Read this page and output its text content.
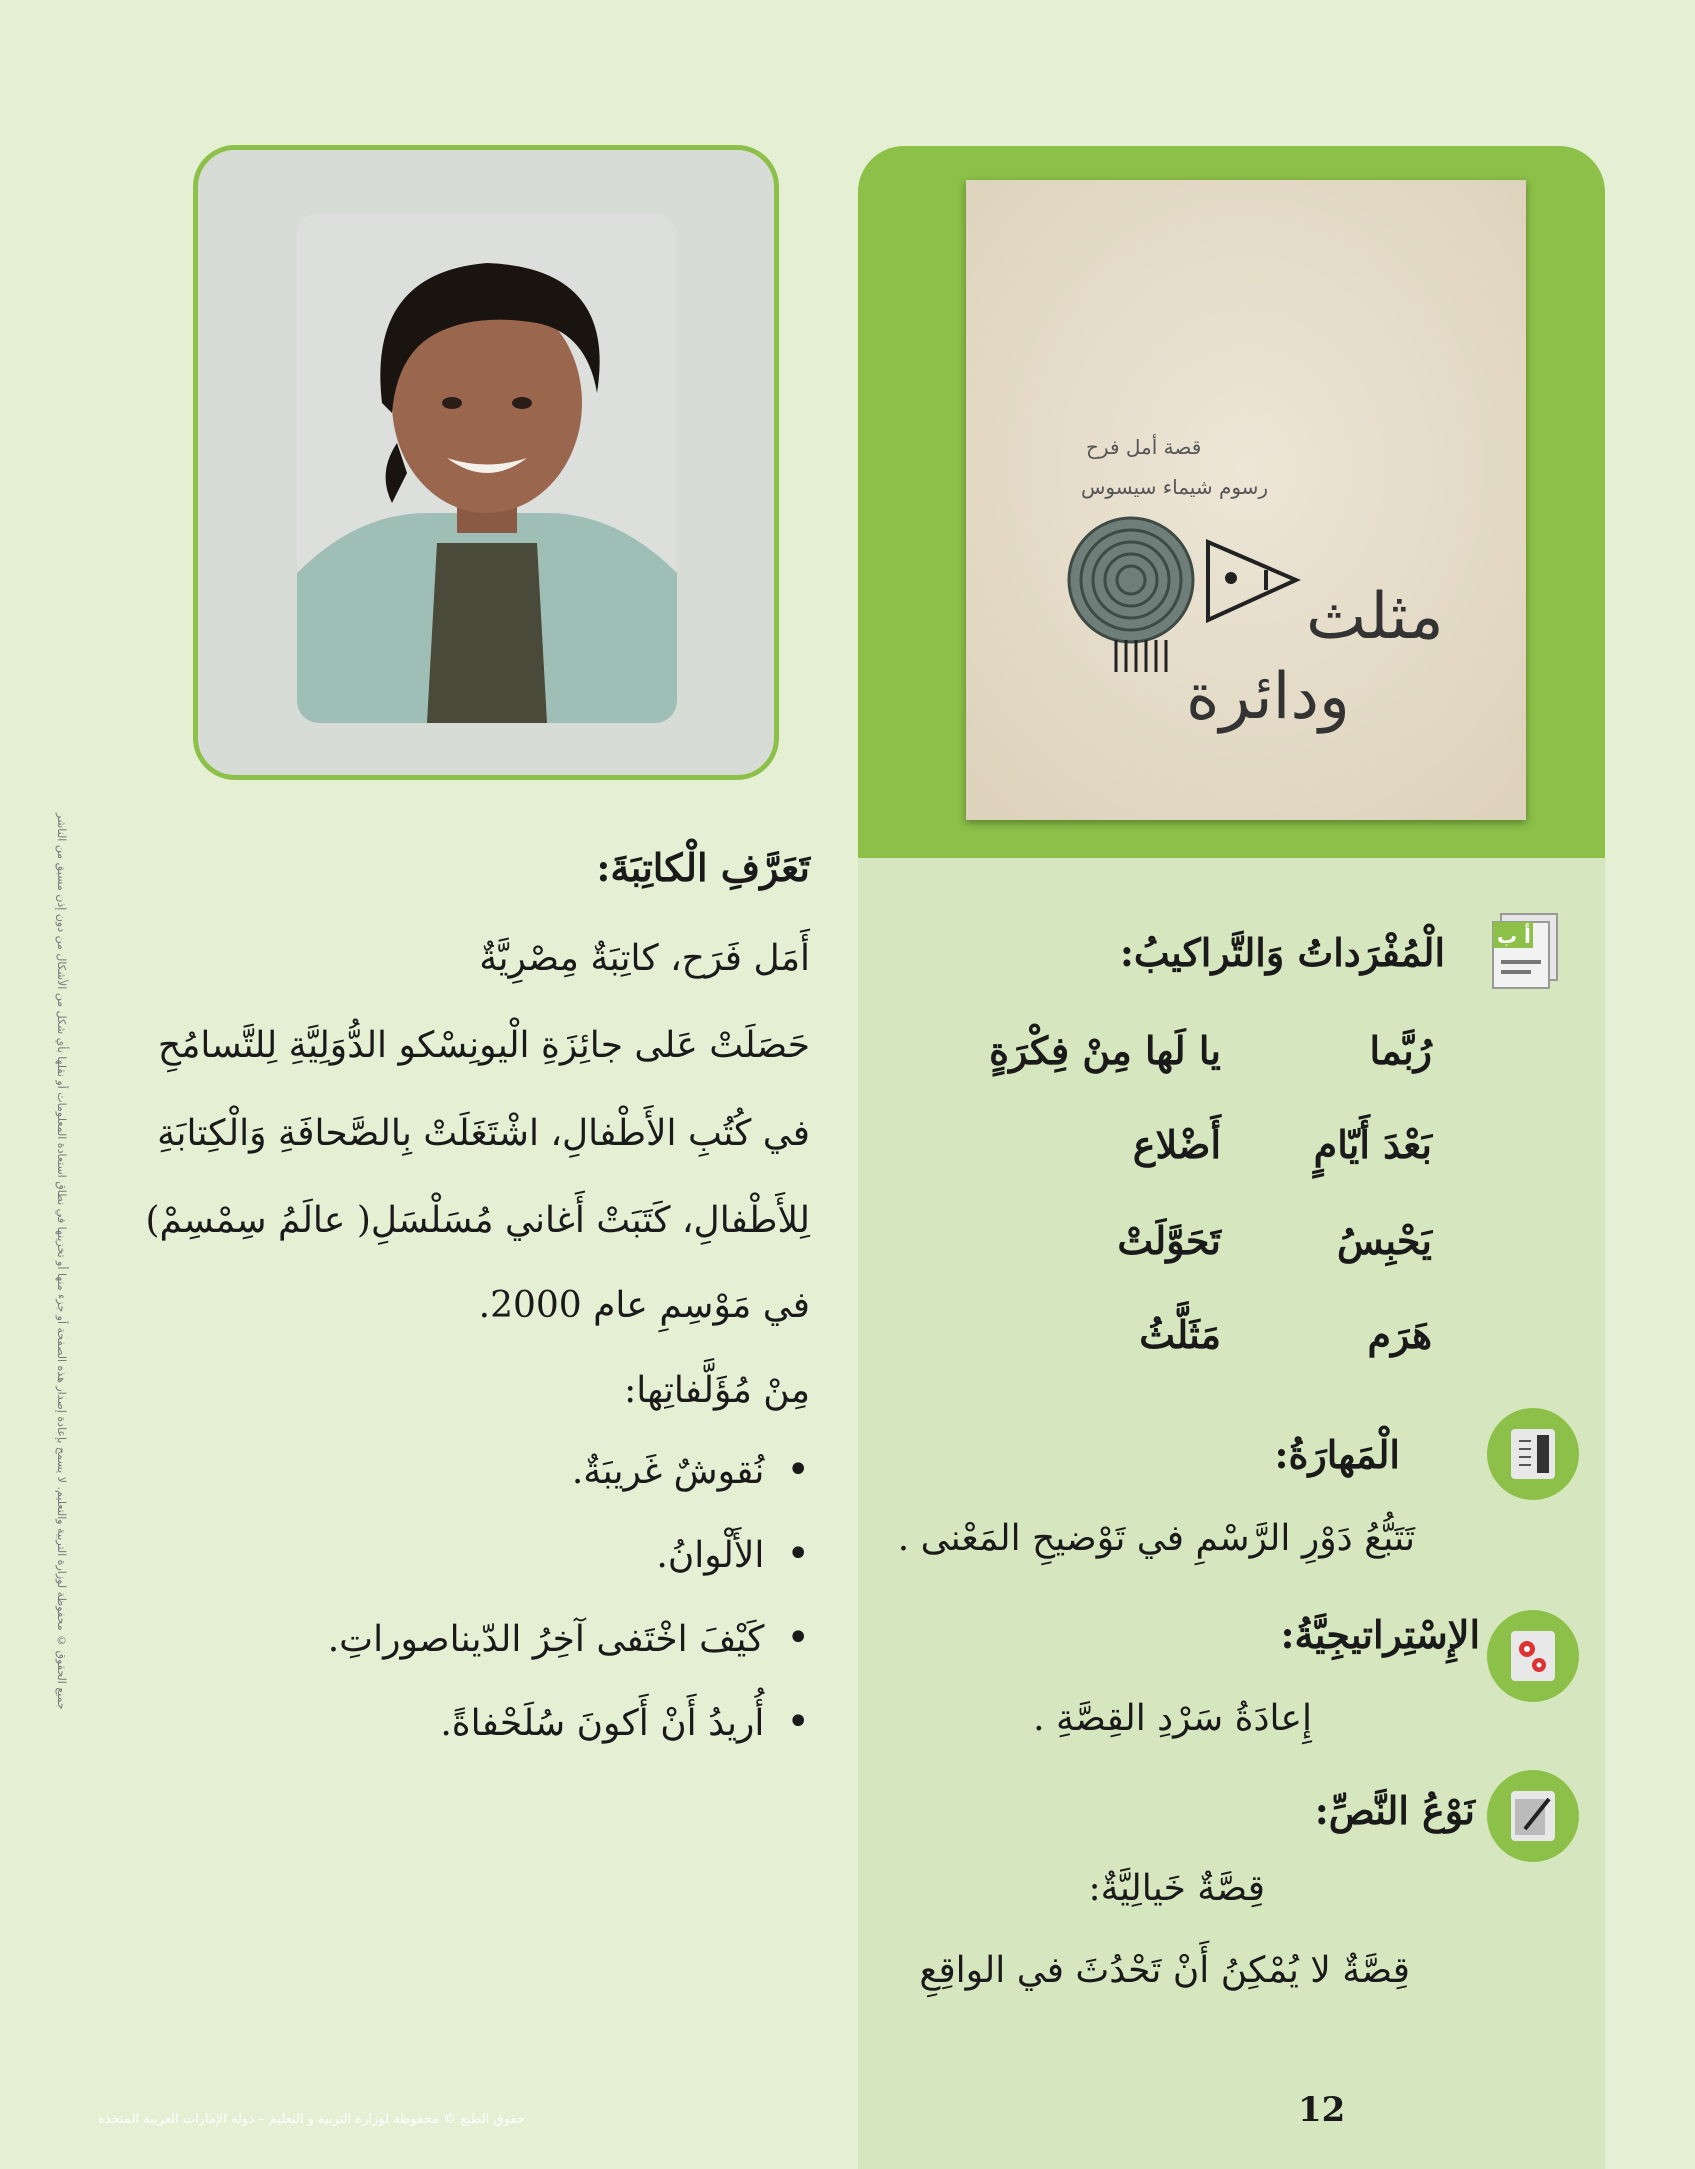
قصة أمل فرح
رسوم شيماء سيسوس
مثلث
ودائرة
تَعَرَّفِ الْكاتِبَةَ:
أَمَل فَرَح، كاتِبَةٌ مِصْرِيَّةٌ
حَصَلَتْ عَلى جائِزَةِ الْيونِسْكو الدُّوَلِيَّةِ لِلتَّسامُحِ
في كُتُبِ الأَطْفالِ، اشْتَغَلَتْ بِالصَّحافَةِ وَالْكِتابَةِ
لِلأَطْفالِ، كَتَبَتْ أَغاني مُسَلْسَلِ( عالَمُ سِمْسِمْ)
في مَوْسِمِ عام 2000.
مِنْ مُؤَلَّفاتِها:
• نُقوشٌ غَريبَةٌ.
• الأَلْوانُ.
• كَيْفَ اخْتَفى آخِرُ الدّيناصوراتِ.
• أُريدُ أَنْ أَكونَ سُلَحْفاةً.
أ ب
الْمُفْرَداتُ وَالتَّراكيبُ:
رُبَّما
يا لَها مِنْ فِكْرَةٍ
بَعْدَ أَيّامٍ
أَضْلاع
يَحْبِسُ
تَحَوَّلَتْ
هَرَم
مَثَلَّثُ
الْمَهارَةُ:
تَتَبُّعُ دَوْرِ الرَّسْمِ في تَوْضيحِ المَعْنى .
الإِسْتِراتيجِيَّةُ:
إِعادَةُ سَرْدِ القِصَّةِ .
نَوْعُ النَّصِّ:
قِصَّةٌ خَيالِيَّةٌ:
قِصَّةٌ لا يُمْكِنُ أَنْ تَحْدُثَ في الواقِعِ
12
جميع الحقوق © محفوظة لوزارة التربية والتعليم. لا يسمح بإعادة إصدار هذه الصفحة أو جزء منها أو تخزينها في نطاق استعادة المعلومات أو نقلها بأي شكل من الأشكال من دون إذن مسبق من الناشر
حقوق الطبع © محفوظة لوزارة التربية و التعليم – دولة الإمارات العربية المتحدة
